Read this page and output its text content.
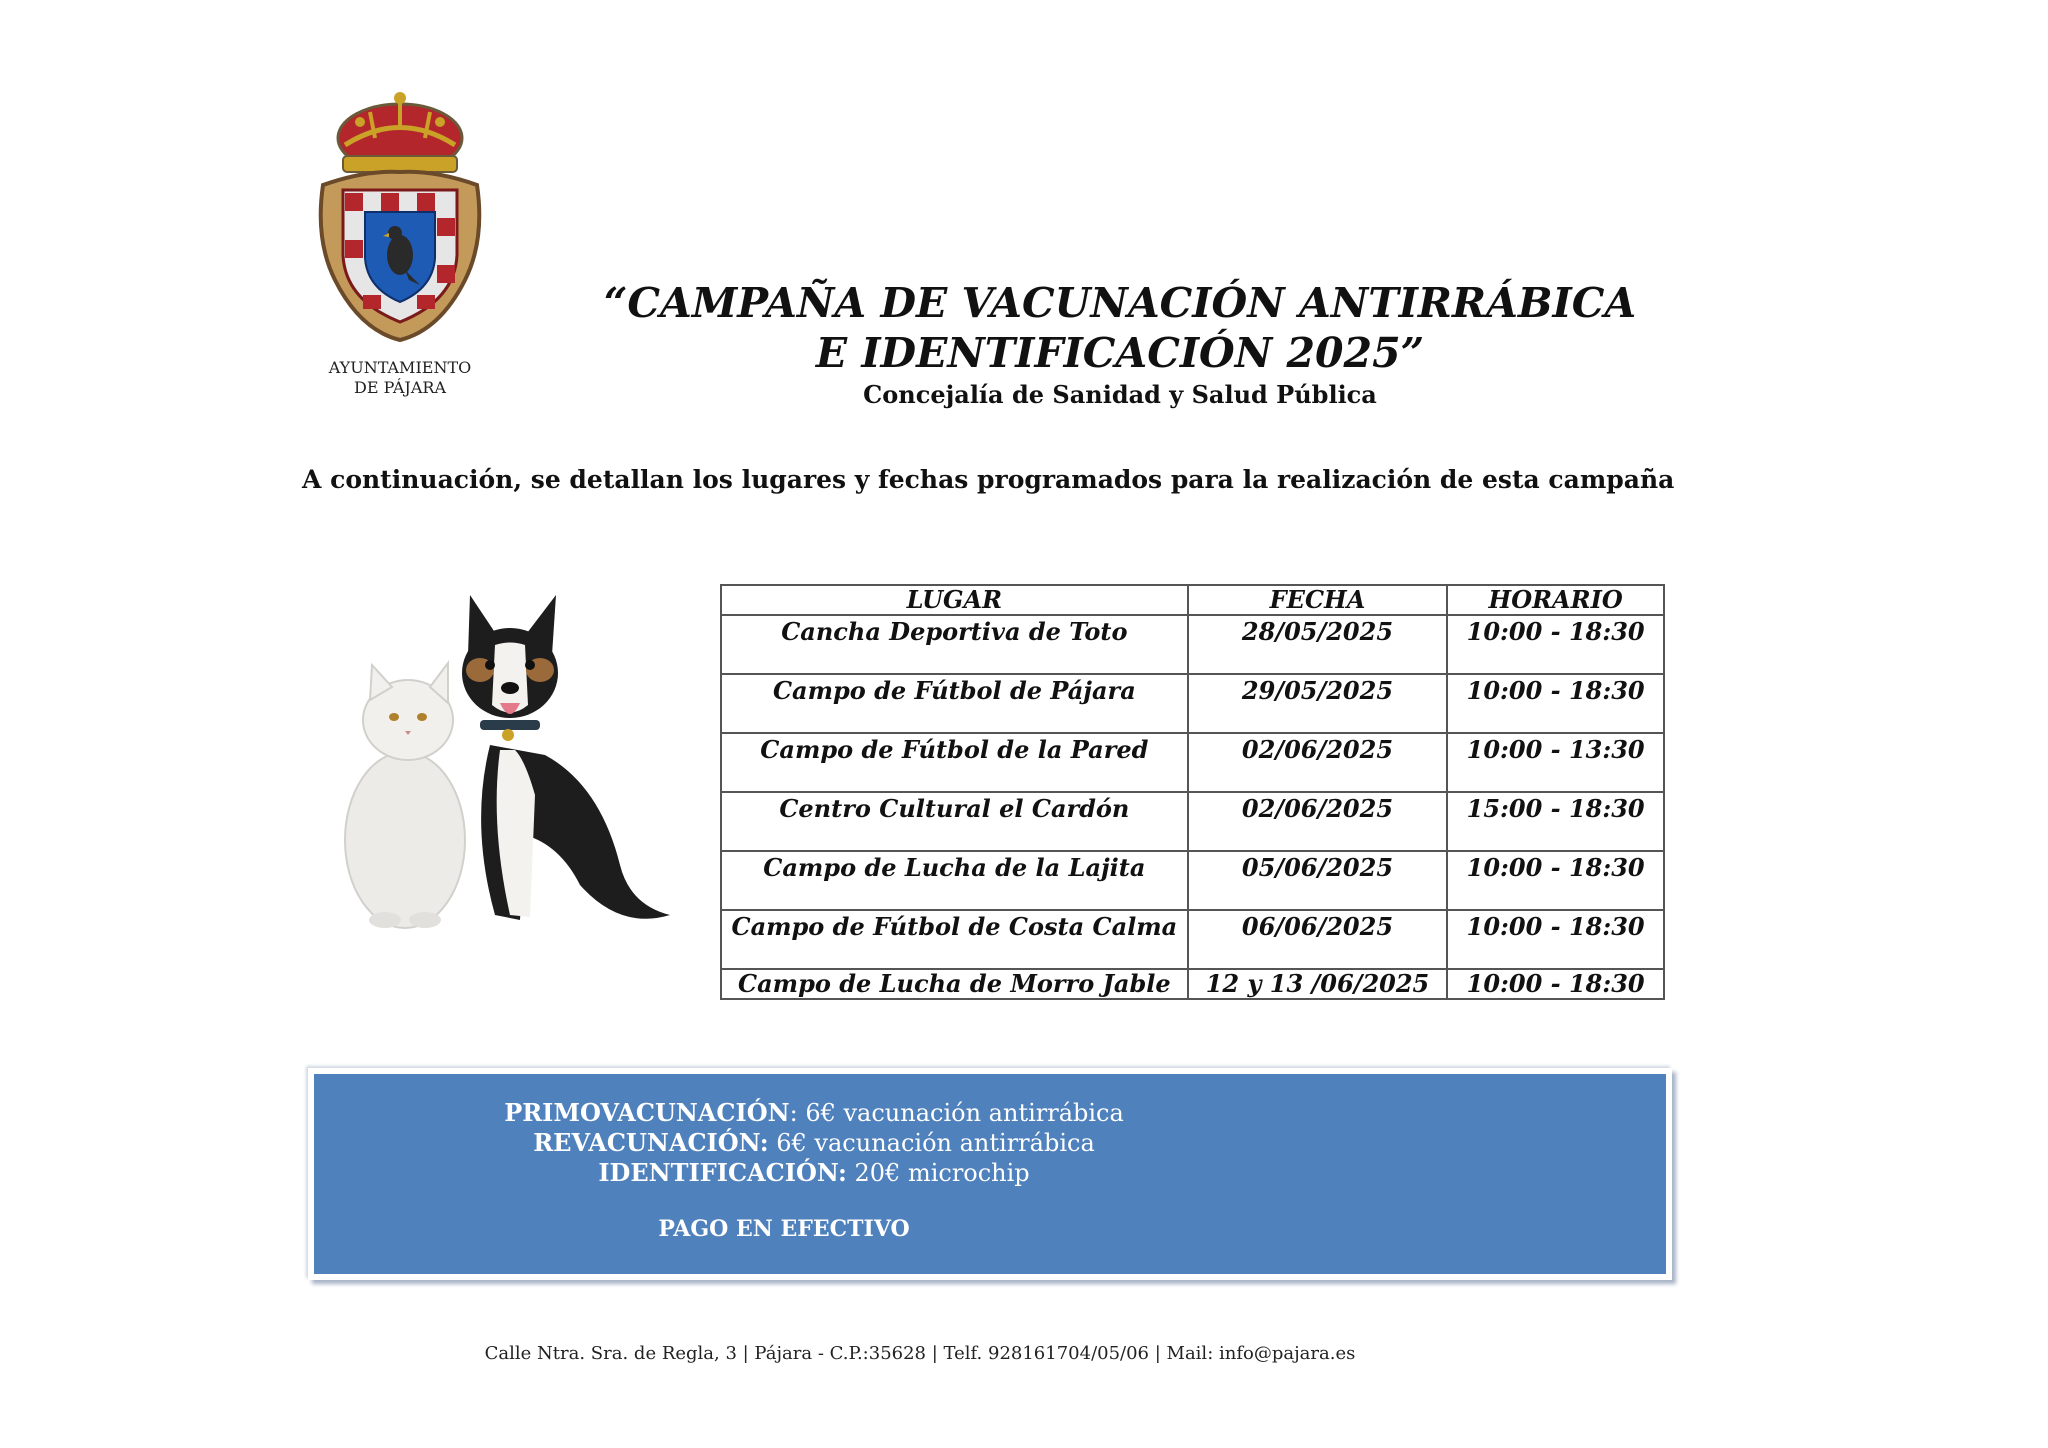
AYUNTAMIENTO
DE PÁJARA
“CAMPAÑA DE VACUNACIÓN ANTIRRÁBICA
E IDENTIFICACIÓN 2025”
Concejalía de Sanidad y Salud Pública
A continuación, se detallan los lugares y fechas programados para la realización de esta campaña
LUGAR	FECHA	HORARIO
Cancha Deportiva de Toto	28/05/2025	10:00 - 18:30
Campo de Fútbol de Pájara	29/05/2025	10:00 - 18:30
Campo de Fútbol de la Pared	02/06/2025	10:00 - 13:30
Centro Cultural el Cardón	02/06/2025	15:00 - 18:30
Campo de Lucha de la Lajita	05/06/2025	10:00 - 18:30
Campo de Fútbol de Costa Calma	06/06/2025	10:00 - 18:30
Campo de Lucha de Morro Jable	12 y 13 /06/2025	10:00 - 18:30
PRIMOVACUNACIÓN: 6€ vacunación antirrábica
REVACUNACIÓN: 6€ vacunación antirrábica
IDENTIFICACIÓN: 20€ microchip
PAGO EN EFECTIVO
Calle Ntra. Sra. de Regla, 3 | Pájara - C.P.:35628 | Telf. 928161704/05/06 | Mail: info@pajara.es
